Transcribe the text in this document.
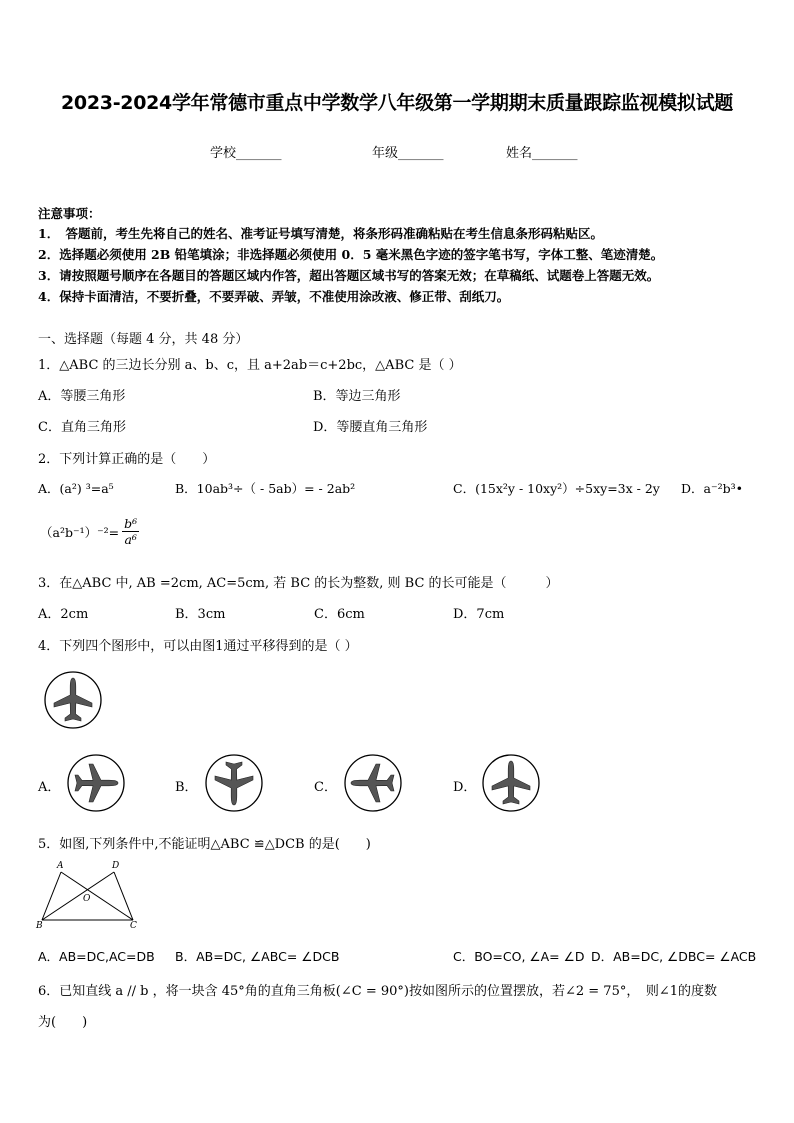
2023-2024学年常德市重点中学数学八年级第一学期期末质量跟踪监视模拟试题
学校_______	年级_______	姓名_______
注意事项：
1．　答题前，考生先将自己的姓名、准考证号填写清楚，将条形码准确粘贴在考生信息条形码粘贴区。
2．选择题必须使用 2B 铅笔填涂；非选择题必须使用 0．5 毫米黑色字迹的签字笔书写，字体工整、笔迹清楚。
3．请按照题号顺序在各题目的答题区域内作答，超出答题区域书写的答案无效；在草稿纸、试题卷上答题无效。
4．保持卡面清洁，不要折叠，不要弄破、弄皱，不准使用涂改液、修正带、刮纸刀。
一、选择题（每题 4 分，共 48 分）
1．△ABC 的三边长分别 a、b、c，且 a+2ab＝c+2bc，△ABC 是（ ）
A．等腰三角形	B．等边三角形
C．直角三角形	D．等腰直角三角形
2．下列计算正确的是（　　）
A．(a²) ³=a⁵	B．10ab³÷（ - 5ab）= - 2ab²	C．(15x²y - 10xy²）÷5xy=3x - 2y D．a⁻²b³•
$(a^2b^{-1})^{-2}= \frac{\text{b⁶}}{\text{a⁶}}$
3．在△ABC 中, AB =2cm, AC=5cm, 若 BC 的长为整数, 则 BC 的长可能是（　　　）
A．2cm	B．3cm	C．6cm	D．7cm
4．下列四个图形中，可以由图1通过平移得到的是（ ）
A．	B．	C．	D．
5．如图,下列条件中,不能证明△ABC ≌△DCB 的是(　　)
A	D
O
B	C
A．AB=DC,AC=DB B．AB=DC, ∠ABC= ∠DCB	C．BO=CO, ∠A= ∠D D．AB=DC, ∠DBC= ∠ACB
6．已知直线 a // b ，将一块含 45°角的直角三角板(∠C = 90°)按如图所示的位置摆放，若∠2 = 75°，　则∠1的度数
为(　　)
